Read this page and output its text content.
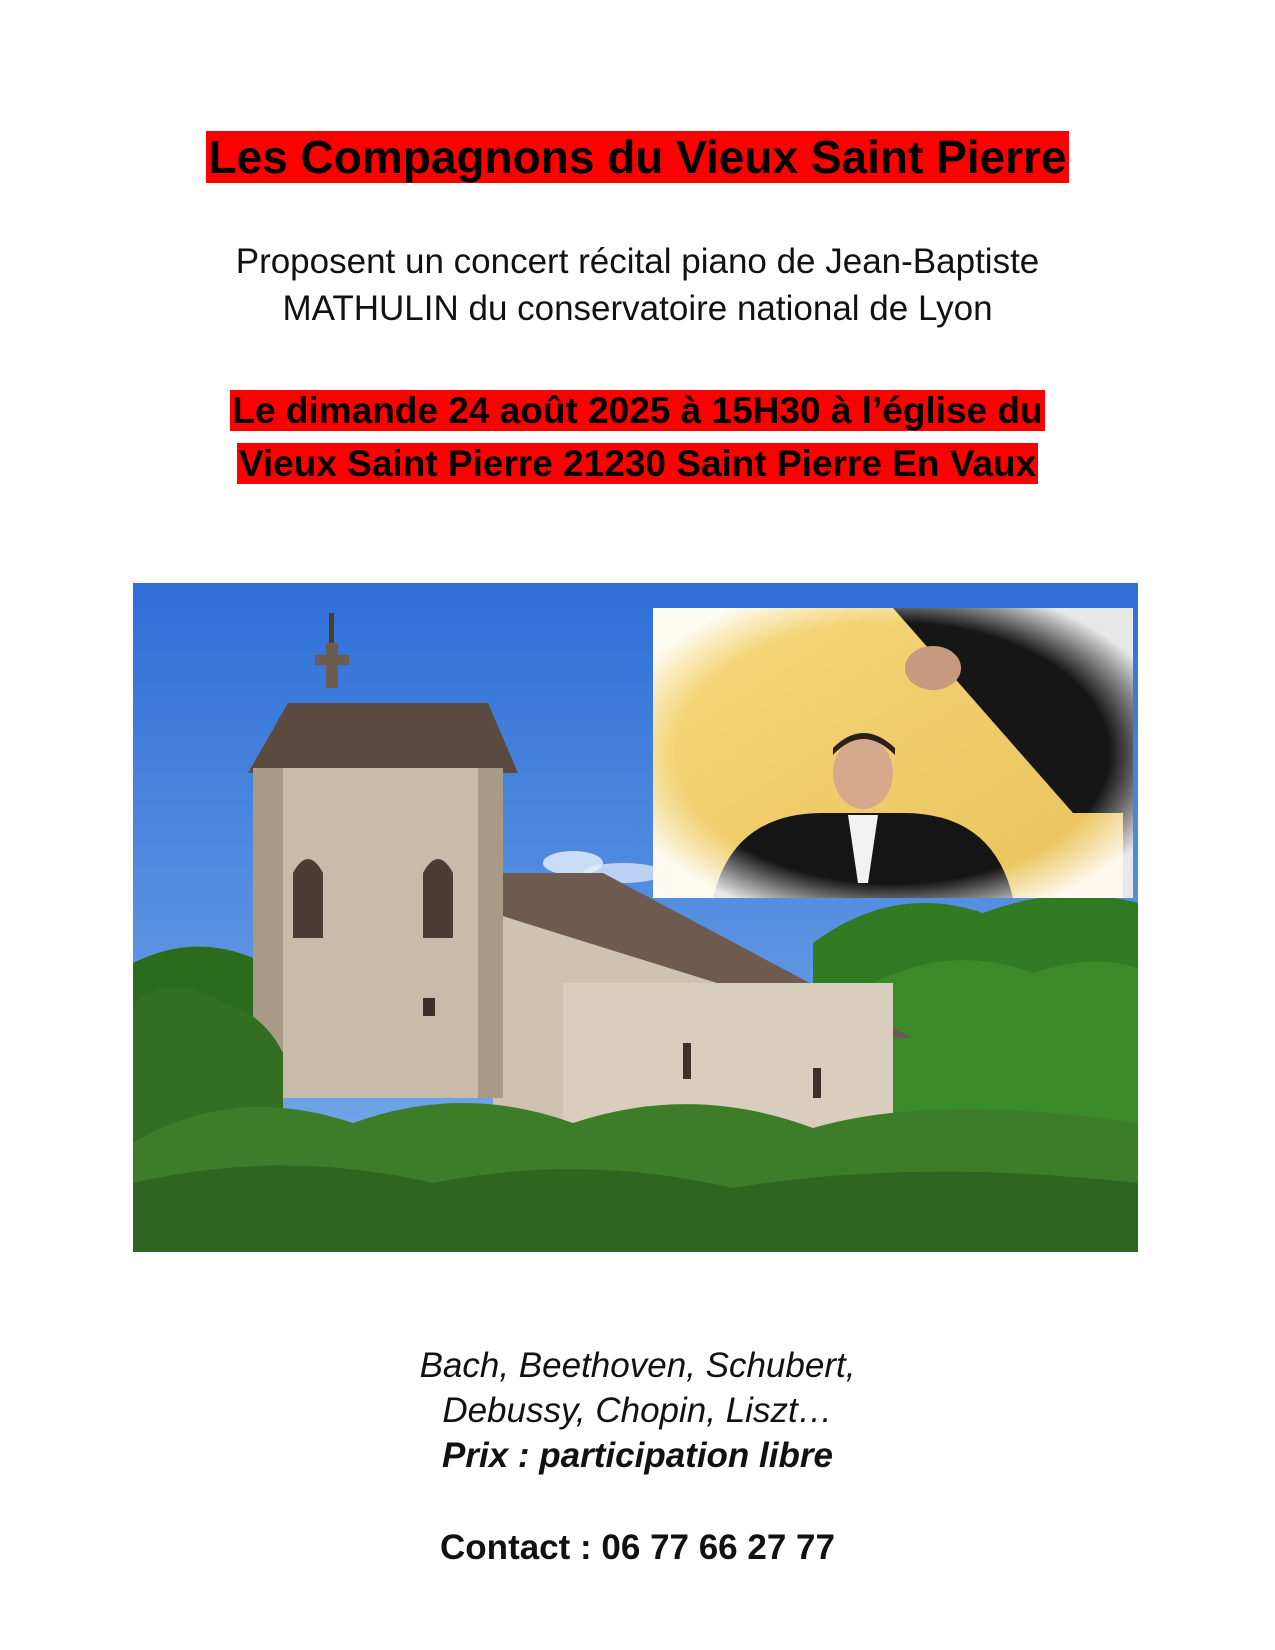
Les Compagnons du Vieux Saint Pierre
Proposent un concert récital piano de Jean-Baptiste
MATHULIN du conservatoire national de Lyon
Le dimande 24 août 2025 à 15H30 à l’église du
Vieux Saint Pierre 21230 Saint Pierre En Vaux
Bach, Beethoven, Schubert,
Debussy, Chopin, Liszt…
Prix : participation libre
Contact : 06 77 66 27 77
